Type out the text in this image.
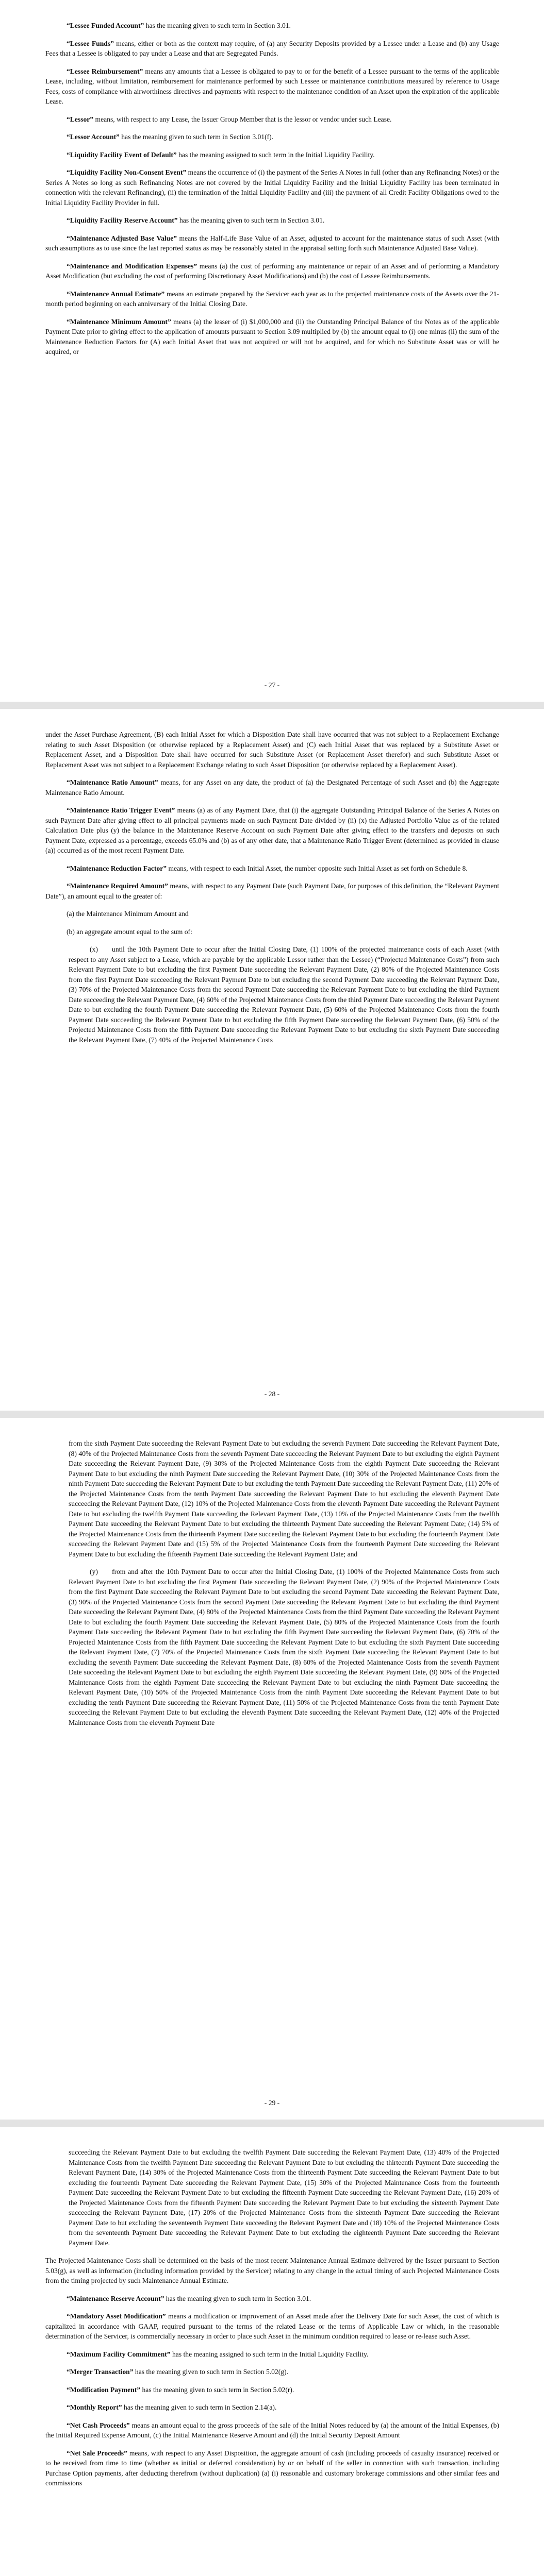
“Lessee Funded Account” has the meaning given to such term in Section 3.01.

“Lessee Funds” means, either or both as the context may require, of (a) any Security Deposits provided by a Lessee under a Lease and (b) any Usage Fees that a Lessee is obligated to pay under a Lease and that are Segregated Funds.

“Lessee Reimbursement” means any amounts that a Lessee is obligated to pay to or for the benefit of a Lessee pursuant to the terms of the applicable Lease, including, without limitation, reimbursement for maintenance performed by such Lessee or maintenance contributions measured by reference to Usage Fees, costs of compliance with airworthiness directives and payments with respect to the maintenance condition of an Asset upon the expiration of the applicable Lease.

“Lessor” means, with respect to any Lease, the Issuer Group Member that is the lessor or vendor under such Lease.

“Lessor Account” has the meaning given to such term in Section 3.01(f).

“Liquidity Facility Event of Default” has the meaning assigned to such term in the Initial Liquidity Facility.

“Liquidity Facility Non-Consent Event” means the occurrence of (i) the payment of the Series A Notes in full (other than any Refinancing Notes) or the Series A Notes so long as such Refinancing Notes are not covered by the Initial Liquidity Facility and the Initial Liquidity Facility has been terminated in connection with the relevant Refinancing), (ii) the termination of the Initial Liquidity Facility and (iii) the payment of all Credit Facility Obligations owed to the Initial Liquidity Facility Provider in full.

“Liquidity Facility Reserve Account” has the meaning given to such term in Section 3.01.

“Maintenance Adjusted Base Value” means the Half-Life Base Value of an Asset, adjusted to account for the maintenance status of such Asset (with such assumptions as to use since the last reported status as may be reasonably stated in the appraisal setting forth such Maintenance Adjusted Base Value).

“Maintenance and Modification Expenses” means (a) the cost of performing any maintenance or repair of an Asset and of performing a Mandatory Asset Modification (but excluding the cost of performing Discretionary Asset Modifications) and (b) the cost of Lessee Reimbursements.

“Maintenance Annual Estimate” means an estimate prepared by the Servicer each year as to the projected maintenance costs of the Assets over the 21-month period beginning on each anniversary of the Initial Closing Date.

“Maintenance Minimum Amount” means (a) the lesser of (i) $1,000,000 and (ii) the Outstanding Principal Balance of the Notes as of the applicable Payment Date prior to giving effect to the application of amounts pursuant to Section 3.09 multiplied by (b) the amount equal to (i) one minus (ii) the sum of the Maintenance Reduction Factors for (A) each Initial Asset that was not acquired or will not be acquired, and for which no Substitute Asset was or will be acquired, or

- 27 -

under the Asset Purchase Agreement, (B) each Initial Asset for which a Disposition Date shall have occurred that was not subject to a Replacement Exchange relating to such Asset Disposition (or otherwise replaced by a Replacement Asset) and (C) each Initial Asset that was replaced by a Substitute Asset or Replacement Asset, and a Disposition Date shall have occurred for such Substitute Asset (or Replacement Asset therefor) and such Substitute Asset or Replacement Asset was not subject to a Replacement Exchange relating to such Asset Disposition (or otherwise replaced by a Replacement Asset).

“Maintenance Ratio Amount” means, for any Asset on any date, the product of (a) the Designated Percentage of such Asset and (b) the Aggregate Maintenance Ratio Amount.

“Maintenance Ratio Trigger Event” means (a) as of any Payment Date, that (i) the aggregate Outstanding Principal Balance of the Series A Notes on such Payment Date after giving effect to all principal payments made on such Payment Date divided by (ii) (x) the Adjusted Portfolio Value as of the related Calculation Date plus (y) the balance in the Maintenance Reserve Account on such Payment Date after giving effect to the transfers and deposits on such Payment Date, expressed as a percentage, exceeds 65.0% and (b) as of any other date, that a Maintenance Ratio Trigger Event (determined as provided in clause (a)) occurred as of the most recent Payment Date.

“Maintenance Reduction Factor” means, with respect to each Initial Asset, the number opposite such Initial Asset as set forth on Schedule 8.

“Maintenance Required Amount” means, with respect to any Payment Date (such Payment Date, for purposes of this definition, the “Relevant Payment Date”), an amount equal to the greater of:

(a) the Maintenance Minimum Amount and

(b) an aggregate amount equal to the sum of:

(x)  until the 10th Payment Date to occur after the Initial Closing Date, (1) 100% of the projected maintenance costs of each Asset (with respect to any Asset subject to a Lease, which are payable by the applicable Lessor rather than the Lessee) (“Projected Maintenance Costs”) from such Relevant Payment Date to but excluding the first Payment Date succeeding the Relevant Payment Date, (2) 80% of the Projected Maintenance Costs from the first Payment Date succeeding the Relevant Payment Date to but excluding the second Payment Date succeeding the Relevant Payment Date, (3) 70% of the Projected Maintenance Costs from the second Payment Date succeeding the Relevant Payment Date to but excluding the third Payment Date succeeding the Relevant Payment Date, (4) 60% of the Projected Maintenance Costs from the third Payment Date succeeding the Relevant Payment Date to but excluding the fourth Payment Date succeeding the Relevant Payment Date, (5) 60% of the Projected Maintenance Costs from the fourth Payment Date succeeding the Relevant Payment Date to but excluding the fifth Payment Date succeeding the Relevant Payment Date, (6) 50% of the Projected Maintenance Costs from the fifth Payment Date succeeding the Relevant Payment Date to but excluding the sixth Payment Date succeeding the Relevant Payment Date, (7) 40% of the Projected Maintenance Costs

- 28 -

from the sixth Payment Date succeeding the Relevant Payment Date to but excluding the seventh Payment Date succeeding the Relevant Payment Date, (8) 40% of the Projected Maintenance Costs from the seventh Payment Date succeeding the Relevant Payment Date to but excluding the eighth Payment Date succeeding the Relevant Payment Date, (9) 30% of the Projected Maintenance Costs from the eighth Payment Date succeeding the Relevant Payment Date to but excluding the ninth Payment Date succeeding the Relevant Payment Date, (10) 30% of the Projected Maintenance Costs from the ninth Payment Date succeeding the Relevant Payment Date to but excluding the tenth Payment Date succeeding the Relevant Payment Date, (11) 20% of the Projected Maintenance Costs from the tenth Payment Date succeeding the Relevant Payment Date to but excluding the eleventh Payment Date succeeding the Relevant Payment Date, (12) 10% of the Projected Maintenance Costs from the eleventh Payment Date succeeding the Relevant Payment Date to but excluding the twelfth Payment Date succeeding the Relevant Payment Date, (13) 10% of the Projected Maintenance Costs from the twelfth Payment Date succeeding the Relevant Payment Date to but excluding the thirteenth Payment Date succeeding the Relevant Payment Date; (14) 5% of the Projected Maintenance Costs from the thirteenth Payment Date succeeding the Relevant Payment Date to but excluding the fourteenth Payment Date succeeding the Relevant Payment Date and (15) 5% of the Projected Maintenance Costs from the fourteenth Payment Date succeeding the Relevant Payment Date to but excluding the fifteenth Payment Date succeeding the Relevant Payment Date; and

(y)  from and after the 10th Payment Date to occur after the Initial Closing Date, (1) 100% of the Projected Maintenance Costs from such Relevant Payment Date to but excluding the first Payment Date succeeding the Relevant Payment Date, (2) 90% of the Projected Maintenance Costs from the first Payment Date succeeding the Relevant Payment Date to but excluding the second Payment Date succeeding the Relevant Payment Date, (3) 90% of the Projected Maintenance Costs from the second Payment Date succeeding the Relevant Payment Date to but excluding the third Payment Date succeeding the Relevant Payment Date, (4) 80% of the Projected Maintenance Costs from the third Payment Date succeeding the Relevant Payment Date to but excluding the fourth Payment Date succeeding the Relevant Payment Date, (5) 80% of the Projected Maintenance Costs from the fourth Payment Date succeeding the Relevant Payment Date to but excluding the fifth Payment Date succeeding the Relevant Payment Date, (6) 70% of the Projected Maintenance Costs from the fifth Payment Date succeeding the Relevant Payment Date to but excluding the sixth Payment Date succeeding the Relevant Payment Date, (7) 70% of the Projected Maintenance Costs from the sixth Payment Date succeeding the Relevant Payment Date to but excluding the seventh Payment Date succeeding the Relevant Payment Date, (8) 60% of the Projected Maintenance Costs from the seventh Payment Date succeeding the Relevant Payment Date to but excluding the eighth Payment Date succeeding the Relevant Payment Date, (9) 60% of the Projected Maintenance Costs from the eighth Payment Date succeeding the Relevant Payment Date to but excluding the ninth Payment Date succeeding the Relevant Payment Date, (10) 50% of the Projected Maintenance Costs from the ninth Payment Date succeeding the Relevant Payment Date to but excluding the tenth Payment Date succeeding the Relevant Payment Date, (11) 50% of the Projected Maintenance Costs from the tenth Payment Date succeeding the Relevant Payment Date to but excluding the eleventh Payment Date succeeding the Relevant Payment Date, (12) 40% of the Projected Maintenance Costs from the eleventh Payment Date

- 29 -

succeeding the Relevant Payment Date to but excluding the twelfth Payment Date succeeding the Relevant Payment Date, (13) 40% of the Projected Maintenance Costs from the twelfth Payment Date succeeding the Relevant Payment Date to but excluding the thirteenth Payment Date succeeding the Relevant Payment Date, (14) 30% of the Projected Maintenance Costs from the thirteenth Payment Date succeeding the Relevant Payment Date to but excluding the fourteenth Payment Date succeeding the Relevant Payment Date, (15) 30% of the Projected Maintenance Costs from the fourteenth Payment Date succeeding the Relevant Payment Date to but excluding the fifteenth Payment Date succeeding the Relevant Payment Date, (16) 20% of the Projected Maintenance Costs from the fifteenth Payment Date succeeding the Relevant Payment Date to but excluding the sixteenth Payment Date succeeding the Relevant Payment Date, (17) 20% of the Projected Maintenance Costs from the sixteenth Payment Date succeeding the Relevant Payment Date to but excluding the seventeenth Payment Date succeeding the Relevant Payment Date and (18) 10% of the Projected Maintenance Costs from the seventeenth Payment Date succeeding the Relevant Payment Date to but excluding the eighteenth Payment Date succeeding the Relevant Payment Date.

The Projected Maintenance Costs shall be determined on the basis of the most recent Maintenance Annual Estimate delivered by the Issuer pursuant to Section 5.03(g), as well as information (including information provided by the Servicer) relating to any change in the actual timing of such Projected Maintenance Costs from the timing projected by such Maintenance Annual Estimate.

“Maintenance Reserve Account” has the meaning given to such term in Section 3.01.

“Mandatory Asset Modification” means a modification or improvement of an Asset made after the Delivery Date for such Asset, the cost of which is capitalized in accordance with GAAP, required pursuant to the terms of the related Lease or the terms of Applicable Law or which, in the reasonable determination of the Servicer, is commercially necessary in order to place such Asset in the minimum condition required to lease or re-lease such Asset.

“Maximum Facility Commitment” has the meaning assigned to such term in the Initial Liquidity Facility.

“Merger Transaction” has the meaning given to such term in Section 5.02(g).

“Modification Payment” has the meaning given to such term in Section 5.02(r).

“Monthly Report” has the meaning given to such term in Section 2.14(a).

“Net Cash Proceeds” means an amount equal to the gross proceeds of the sale of the Initial Notes reduced by (a) the amount of the Initial Expenses, (b) the Initial Required Expense Amount, (c) the Initial Maintenance Reserve Amount and (d) the Initial Security Deposit Amount

“Net Sale Proceeds” means, with respect to any Asset Disposition, the aggregate amount of cash (including proceeds of casualty insurance) received or to be received from time to time (whether as initial or deferred consideration) by or on behalf of the seller in connection with such transaction, including Purchase Option payments, after deducting therefrom (without duplication) (a) (i) reasonable and customary brokerage commissions and other similar fees and commissions
